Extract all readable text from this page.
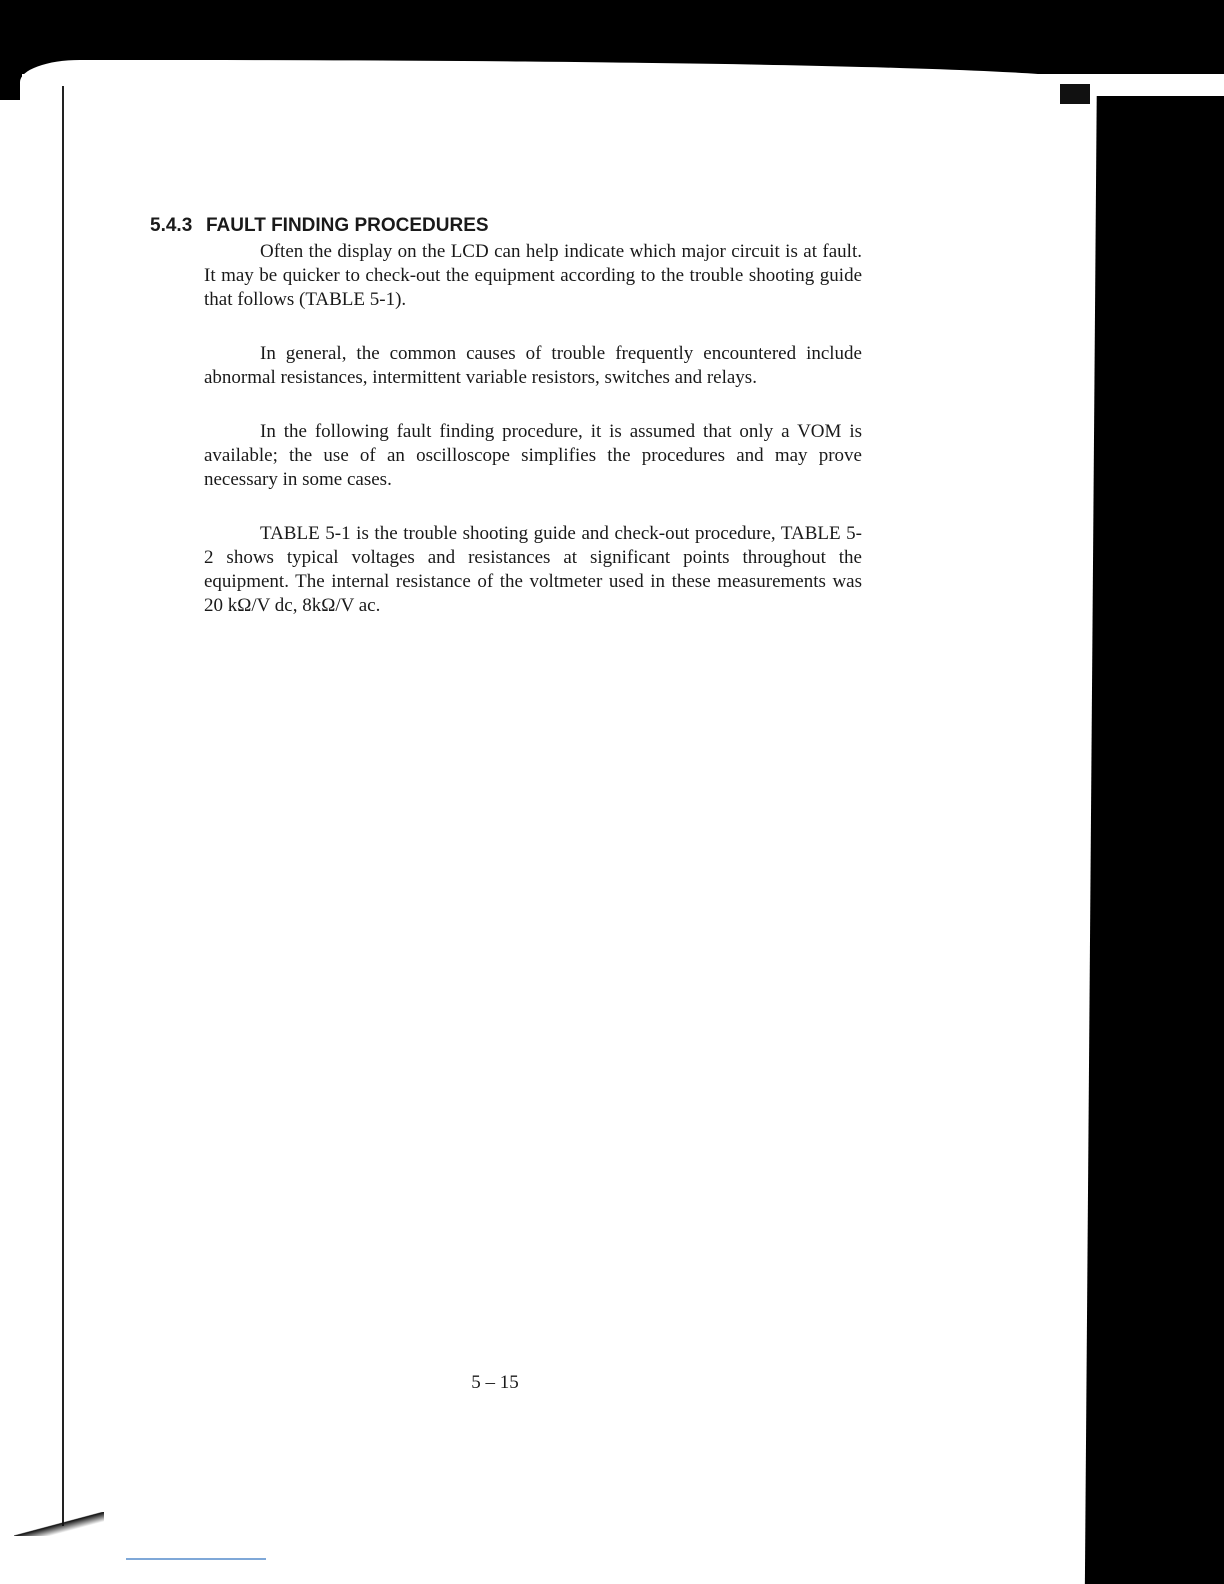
5.4.3 FAULT FINDING PROCEDURES

Often the display on the LCD can help indicate which major circuit is at fault. It may be quicker to check-out the equipment according to the trouble shooting guide that follows (TABLE 5-1).

In general, the common causes of trouble frequently encountered include abnormal resistances, intermittent variable resistors, switches and relays.

In the following fault finding procedure, it is assumed that only a VOM is available; the use of an oscilloscope simplifies the procedures and may prove necessary in some cases.

TABLE 5-1 is the trouble shooting guide and check-out procedure, TABLE 5-2 shows typical voltages and resistances at significant points throughout the equipment. The internal resistance of the voltmeter used in these measurements was 20 kΩ/V dc, 8kΩ/V ac.

5 – 15
